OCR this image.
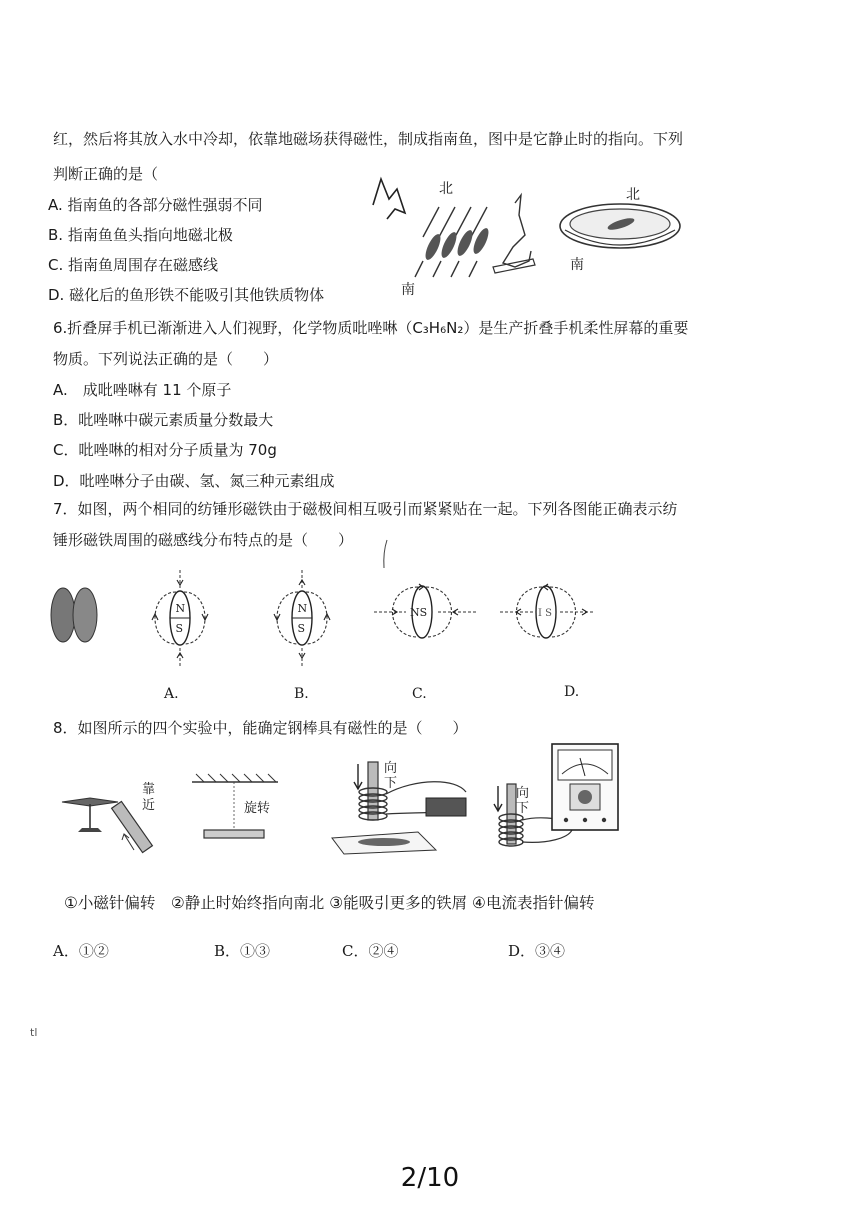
红，然后将其放入水中冷却，依靠地磁场获得磁性，制成指南鱼，图中是它静止时的指向。下列
判断正确的是（
A. 指南鱼的各部分磁性强弱不同
B. 指南鱼鱼头指向地磁北极
C. 指南鱼周围存在磁感线
D. 磁化后的鱼形铁不能吸引其他铁质物体
北
南
北
南
6.折叠屏手机已渐渐进入人们视野，化学物质吡唑啉（C₃H₆N₂）是生产折叠手机柔性屏幕的重要
物质。下列说法正确的是（　　）
A.　成吡唑啉有 11 个原子
B．吡唑啉中碳元素质量分数最大
C．吡唑啉的相对分子质量为 70g
D．吡唑啉分子由碳、氢、氮三种元素组成
7．如图，两个相同的纺锤形磁铁由于磁极间相互吸引而紧紧贴在一起。下列各图能正确表示纺
锤形磁铁周围的磁感线分布特点的是（　　）
N
S
A.
N
S
B.
NS
C.
I S
D.
8．如图所示的四个实验中，能确定钢棒具有磁性的是（　　）
靠近	旋转
向下
向下
①小磁针偏转　②静止时始终指向南北 ③能吸引更多的铁屑 ④电流表指针偏转
A．①②	B．①③	C．②④	D．③④
tl
2/10
